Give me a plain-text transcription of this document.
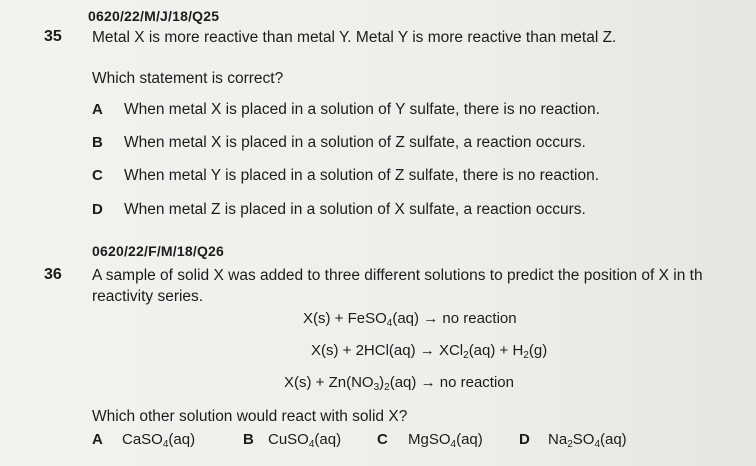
0620/22/M/J/18/Q25
35 Metal X is more reactive than metal Y. Metal Y is more reactive than metal Z.
Which statement is correct?
A When metal X is placed in a solution of Y sulfate, there is no reaction.
B When metal X is placed in a solution of Z sulfate, a reaction occurs.
C When metal Y is placed in a solution of Z sulfate, there is no reaction.
D When metal Z is placed in a solution of X sulfate, a reaction occurs.
0620/22/F/M/18/Q26
36 A sample of solid X was added to three different solutions to predict the position of X in th
reactivity series.
X(s) + FeSO$_4$(aq) → no reaction
$X(s) + 2HCl(aq) \to XCl_2(aq) + H_2(g)$
$X(s) + Zn(NO_3)_2(aq)$ → no reaction
Which other solution would react with solid X?
A CaSO$_4$(aq)	B CuSO$_4$(aq) C MgSO$_4$(aq) D $Na_2SO_4(aq)$
